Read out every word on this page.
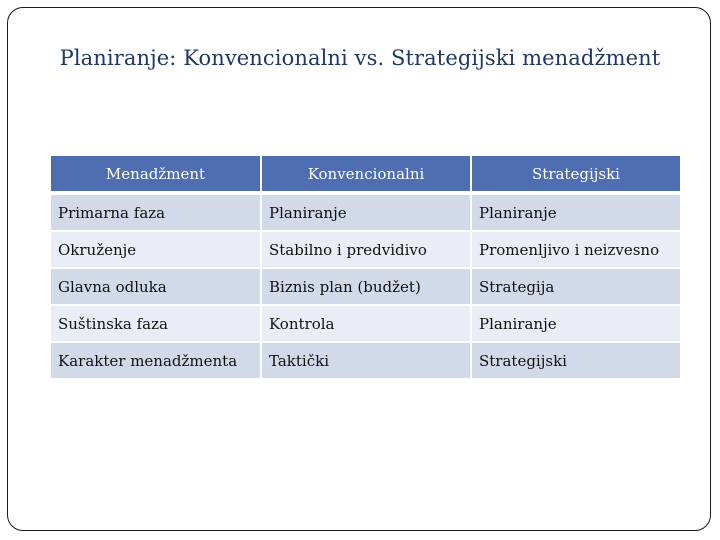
Planiranje: Konvencionalni vs. Strategijski menadžment
Menadžment	Konvencionalni	Strategijski
Primarna faza	Planiranje	Planiranje
Okruženje	Stabilno i predvidivo	Promenljivo i neizvesno
Glavna odluka	Biznis plan (budžet)	Strategija
Suštinska faza	Kontrola	Planiranje
Karakter menadžmenta	Taktički	Strategijski
